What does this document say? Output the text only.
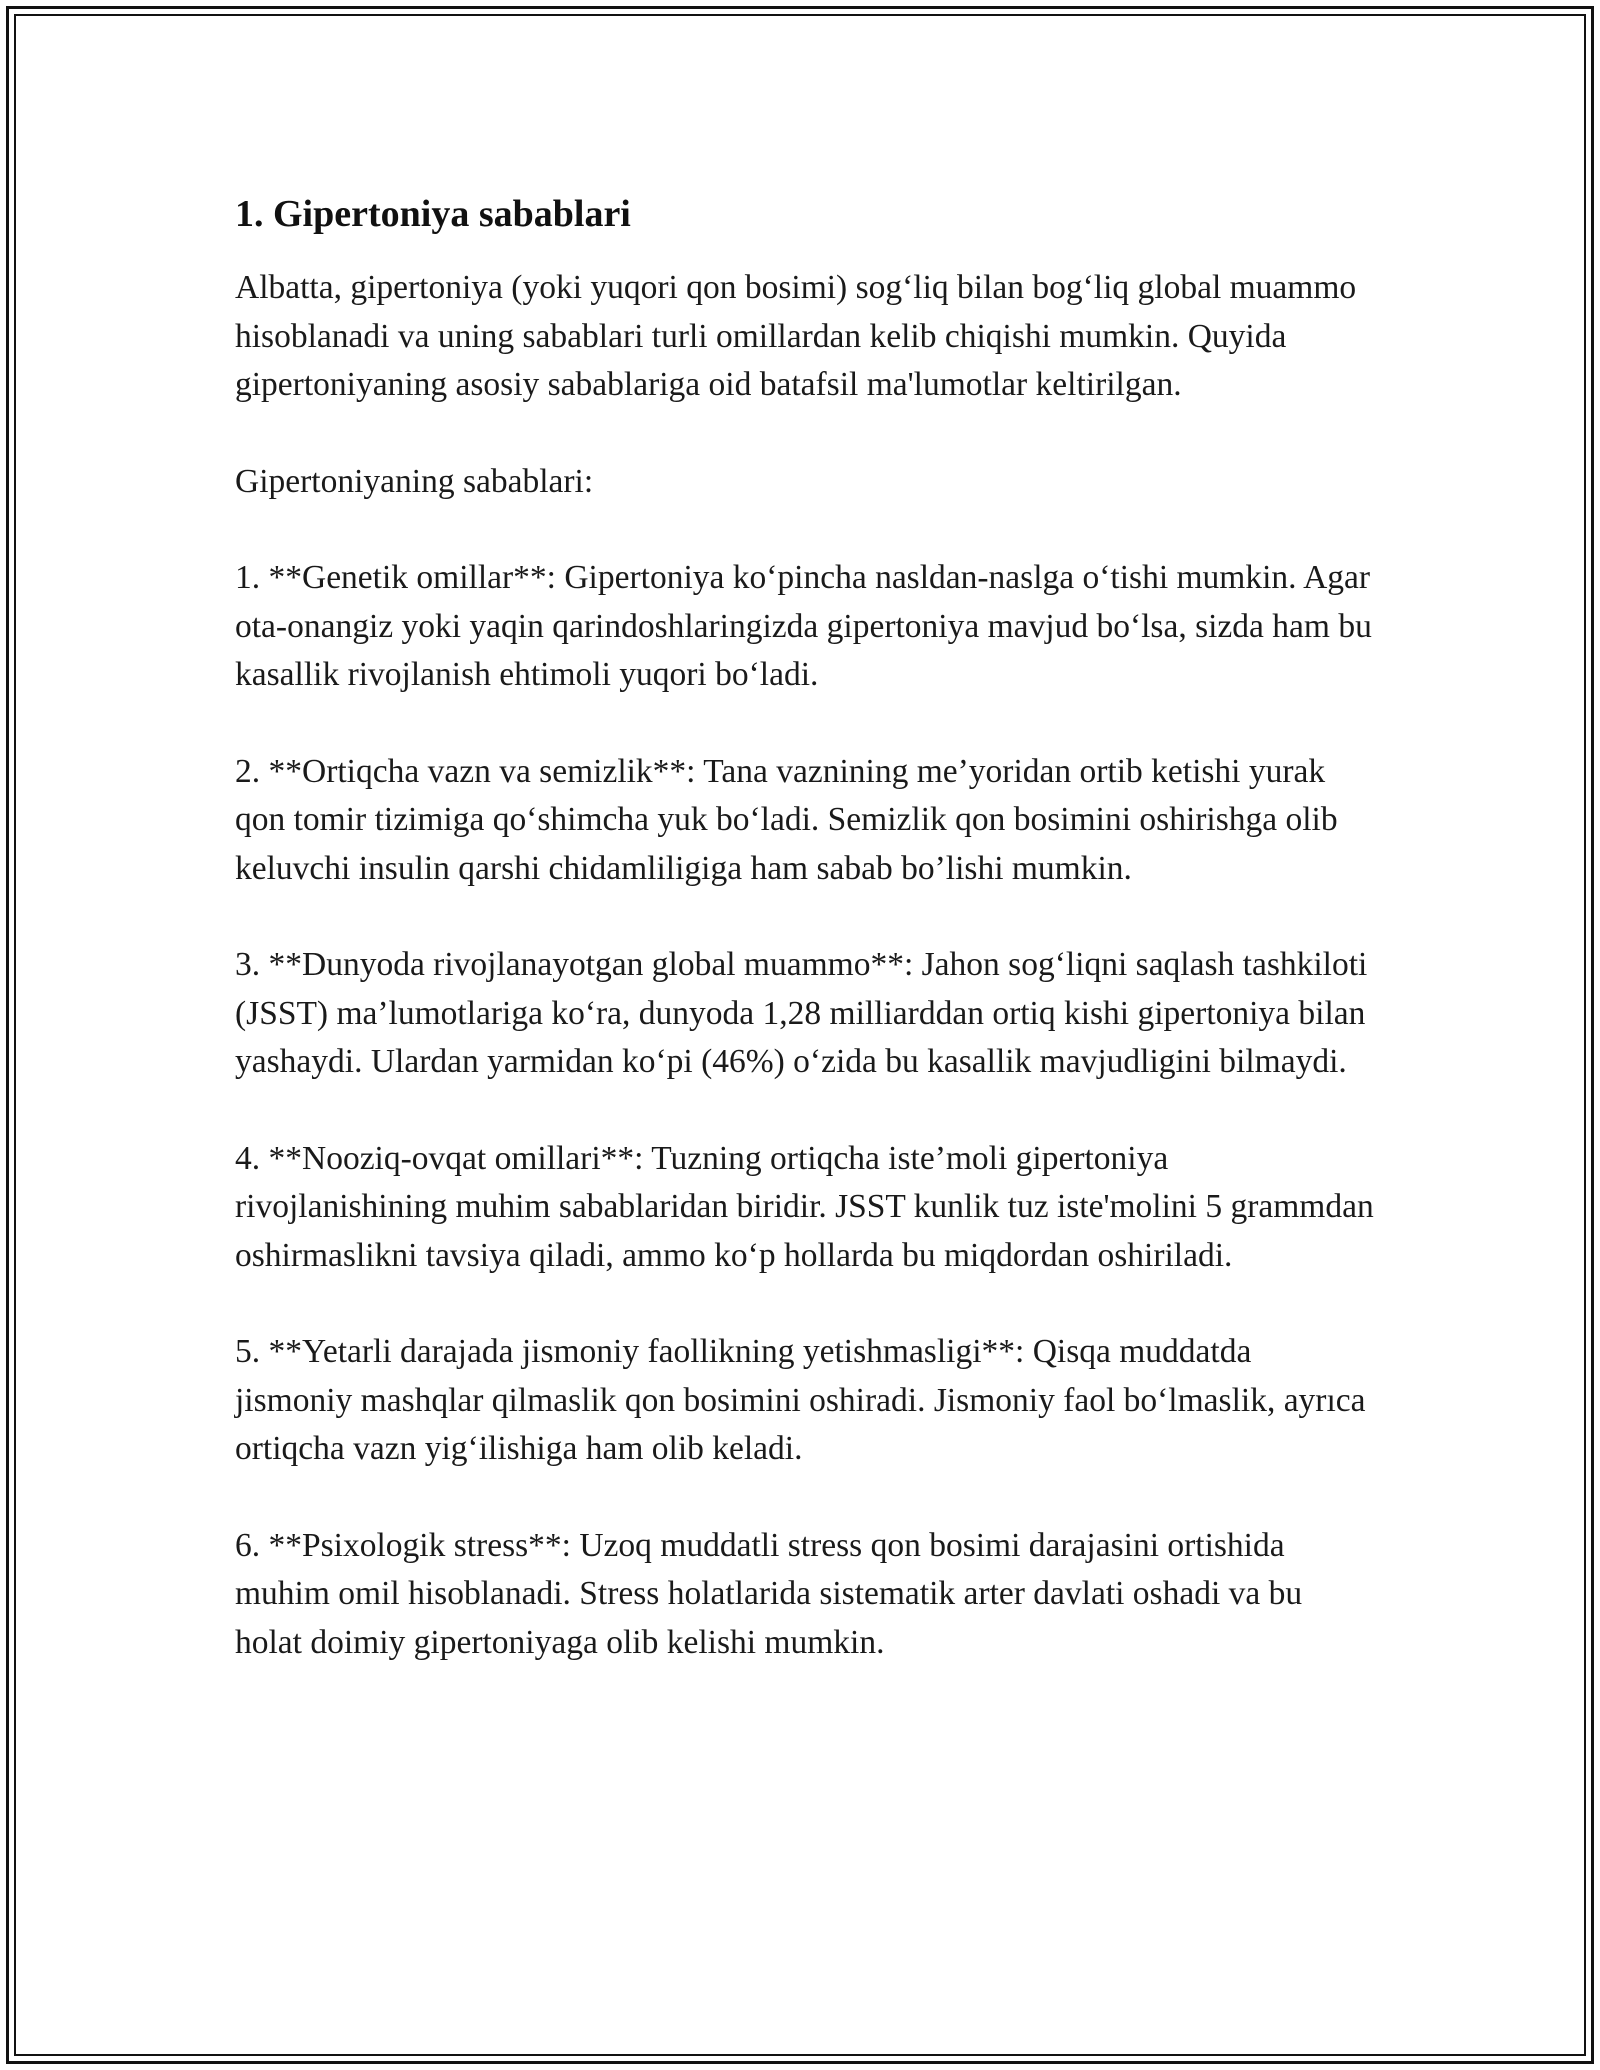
1. Gipertoniya sabablari

Albatta, gipertoniya (yoki yuqori qon bosimi) sog‘liq bilan bog‘liq global muammo hisoblanadi va uning sabablari turli omillardan kelib chiqishi mumkin. Quyida gipertoniyaning asosiy sabablariga oid batafsil ma'lumotlar keltirilgan.

Gipertoniyaning sabablari:

1. **Genetik omillar**: Gipertoniya ko‘pincha nasldan-naslga o‘tishi mumkin. Agar ota-onangiz yoki yaqin qarindoshlaringizda gipertoniya mavjud bo‘lsa, sizda ham bu kasallik rivojlanish ehtimoli yuqori bo‘ladi.

2. **Ortiqcha vazn va semizlik**: Tana vaznining me’yoridan ortib ketishi yurak qon tomir tizimiga qo‘shimcha yuk bo‘ladi. Semizlik qon bosimini oshirishga olib keluvchi insulin qarshi chidamliligiga ham sabab bo’lishi mumkin.

3. **Dunyoda rivojlanayotgan global muammo**: Jahon sog‘liqni saqlash tashkiloti (JSST) ma’lumotlariga ko‘ra, dunyoda 1,28 milliarddan ortiq kishi gipertoniya bilan yashaydi. Ulardan yarmidan ko‘pi (46%) o‘zida bu kasallik mavjudligini bilmaydi.

4. **Nooziq-ovqat omillari**: Tuzning ortiqcha iste’moli gipertoniya rivojlanishining muhim sabablaridan biridir. JSST kunlik tuz iste'molini 5 grammdan oshirmaslikni tavsiya qiladi, ammo ko‘p hollarda bu miqdordan oshiriladi.

5. **Yetarli darajada jismoniy faollikning yetishmasligi**: Qisqa muddatda jismoniy mashqlar qilmaslik qon bosimini oshiradi. Jismoniy faol bo‘lmaslik, ayrıca ortiqcha vazn yig‘ilishiga ham olib keladi.

6. **Psixologik stress**: Uzoq muddatli stress qon bosimi darajasini ortishida muhim omil hisoblanadi. Stress holatlarida sistematik arter davlati oshadi va bu holat doimiy gipertoniyaga olib kelishi mumkin.
